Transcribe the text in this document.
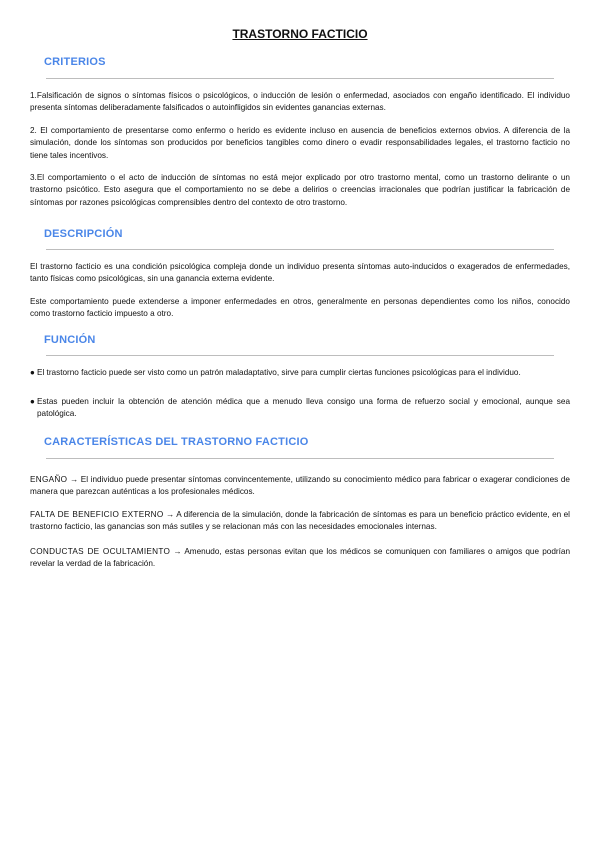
TRASTORNO FACTICIO
CRITERIOS

1.Falsificación de signos o síntomas físicos o psicológicos, o inducción de lesión o enfermedad, asociados con engaño identificado. El individuo presenta síntomas deliberadamente falsificados o autoinfligidos sin evidentes ganancias externas.

2. El comportamiento de presentarse como enfermo o herido es evidente incluso en ausencia de beneficios externos obvios. A diferencia de la simulación, donde los síntomas son producidos por beneficios tangibles como dinero o evadir responsabilidades legales, el trastorno facticio no tiene tales incentivos.

3.El comportamiento o el acto de inducción de síntomas no está mejor explicado por otro trastorno mental, como un trastorno delirante o un trastorno psicótico. Esto asegura que el comportamiento no se debe a delirios o creencias irracionales que podrían justificar la fabricación de síntomas por razones psicológicas comprensibles dentro del contexto de otro trastorno.

DESCRIPCIÓN

El trastorno facticio es una condición psicológica compleja donde un individuo presenta síntomas auto-inducidos o exagerados de enfermedades, tanto físicas como psicológicas, sin una ganancia externa evidente.

Este comportamiento puede extenderse a imponer enfermedades en otros, generalmente en personas dependientes como los niños, conocido como trastorno facticio impuesto a otro.

FUNCIÓN
● El trastorno facticio puede ser visto como un patrón maladaptativo, sirve para cumplir ciertas funciones psicológicas para el individuo.
● Estas pueden incluir la obtención de atención médica que a menudo lleva consigo una forma de refuerzo social y emocional, aunque sea patológica.
CARACTERÍSTICAS DEL TRASTORNO FACTICIO

ENGAÑO → El individuo puede presentar síntomas convincentemente, utilizando su conocimiento médico para fabricar o exagerar condiciones de manera que parezcan auténticas a los profesionales médicos.

FALTA DE BENEFICIO EXTERNO → A diferencia de la simulación, donde la fabricación de síntomas es para un beneficio práctico evidente, en el trastorno facticio, las ganancias son más sutiles y se relacionan más con las necesidades emocionales internas.

CONDUCTAS DE OCULTAMIENTO → Amenudo, estas personas evitan que los médicos se comuniquen con familiares o amigos que podrían revelar la verdad de la fabricación.
